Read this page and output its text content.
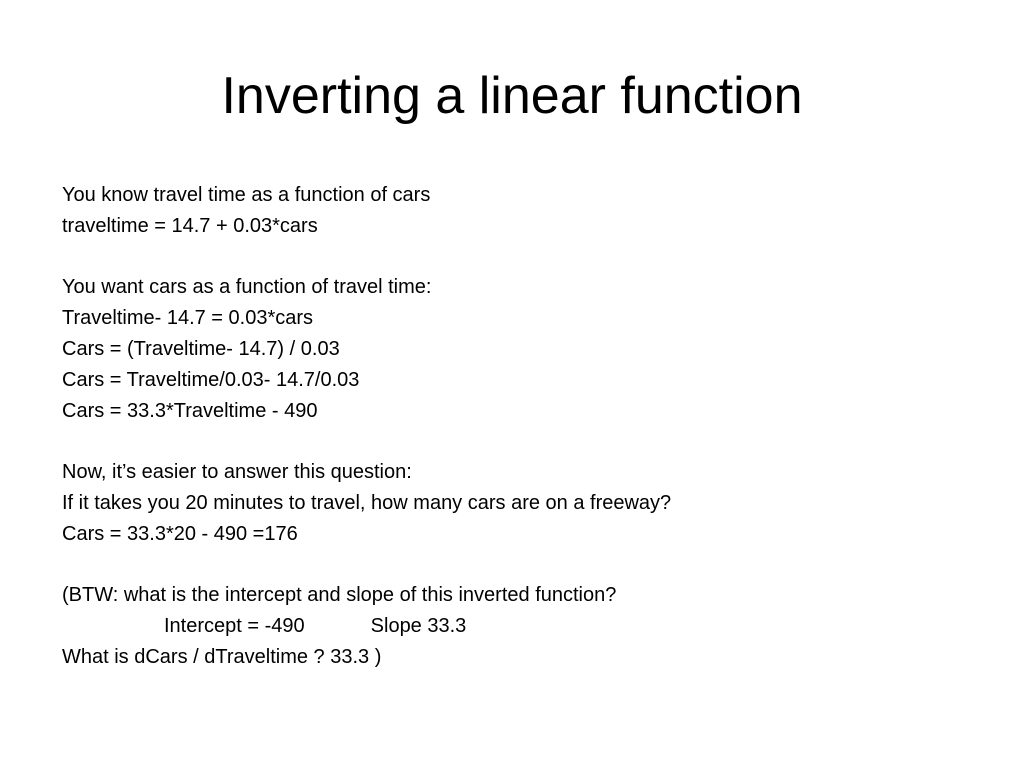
Inverting a linear function
You know travel time as a function of cars
traveltime = 14.7 + 0.03*cars
You want cars as a function of travel time:
Traveltime- 14.7 = 0.03*cars
Cars = (Traveltime- 14.7) / 0.03
Cars = Traveltime/0.03- 14.7/0.03
Cars = 33.3*Traveltime - 490
Now, it’s easier to answer this question:
If it takes you 20 minutes to travel, how many cars are on a freeway?
Cars = 33.3*20 - 490 =176
(BTW: what is the intercept and slope of this inverted function?
Intercept = -490	Slope 33.3
What is dCars / dTraveltime ? 33.3 )
